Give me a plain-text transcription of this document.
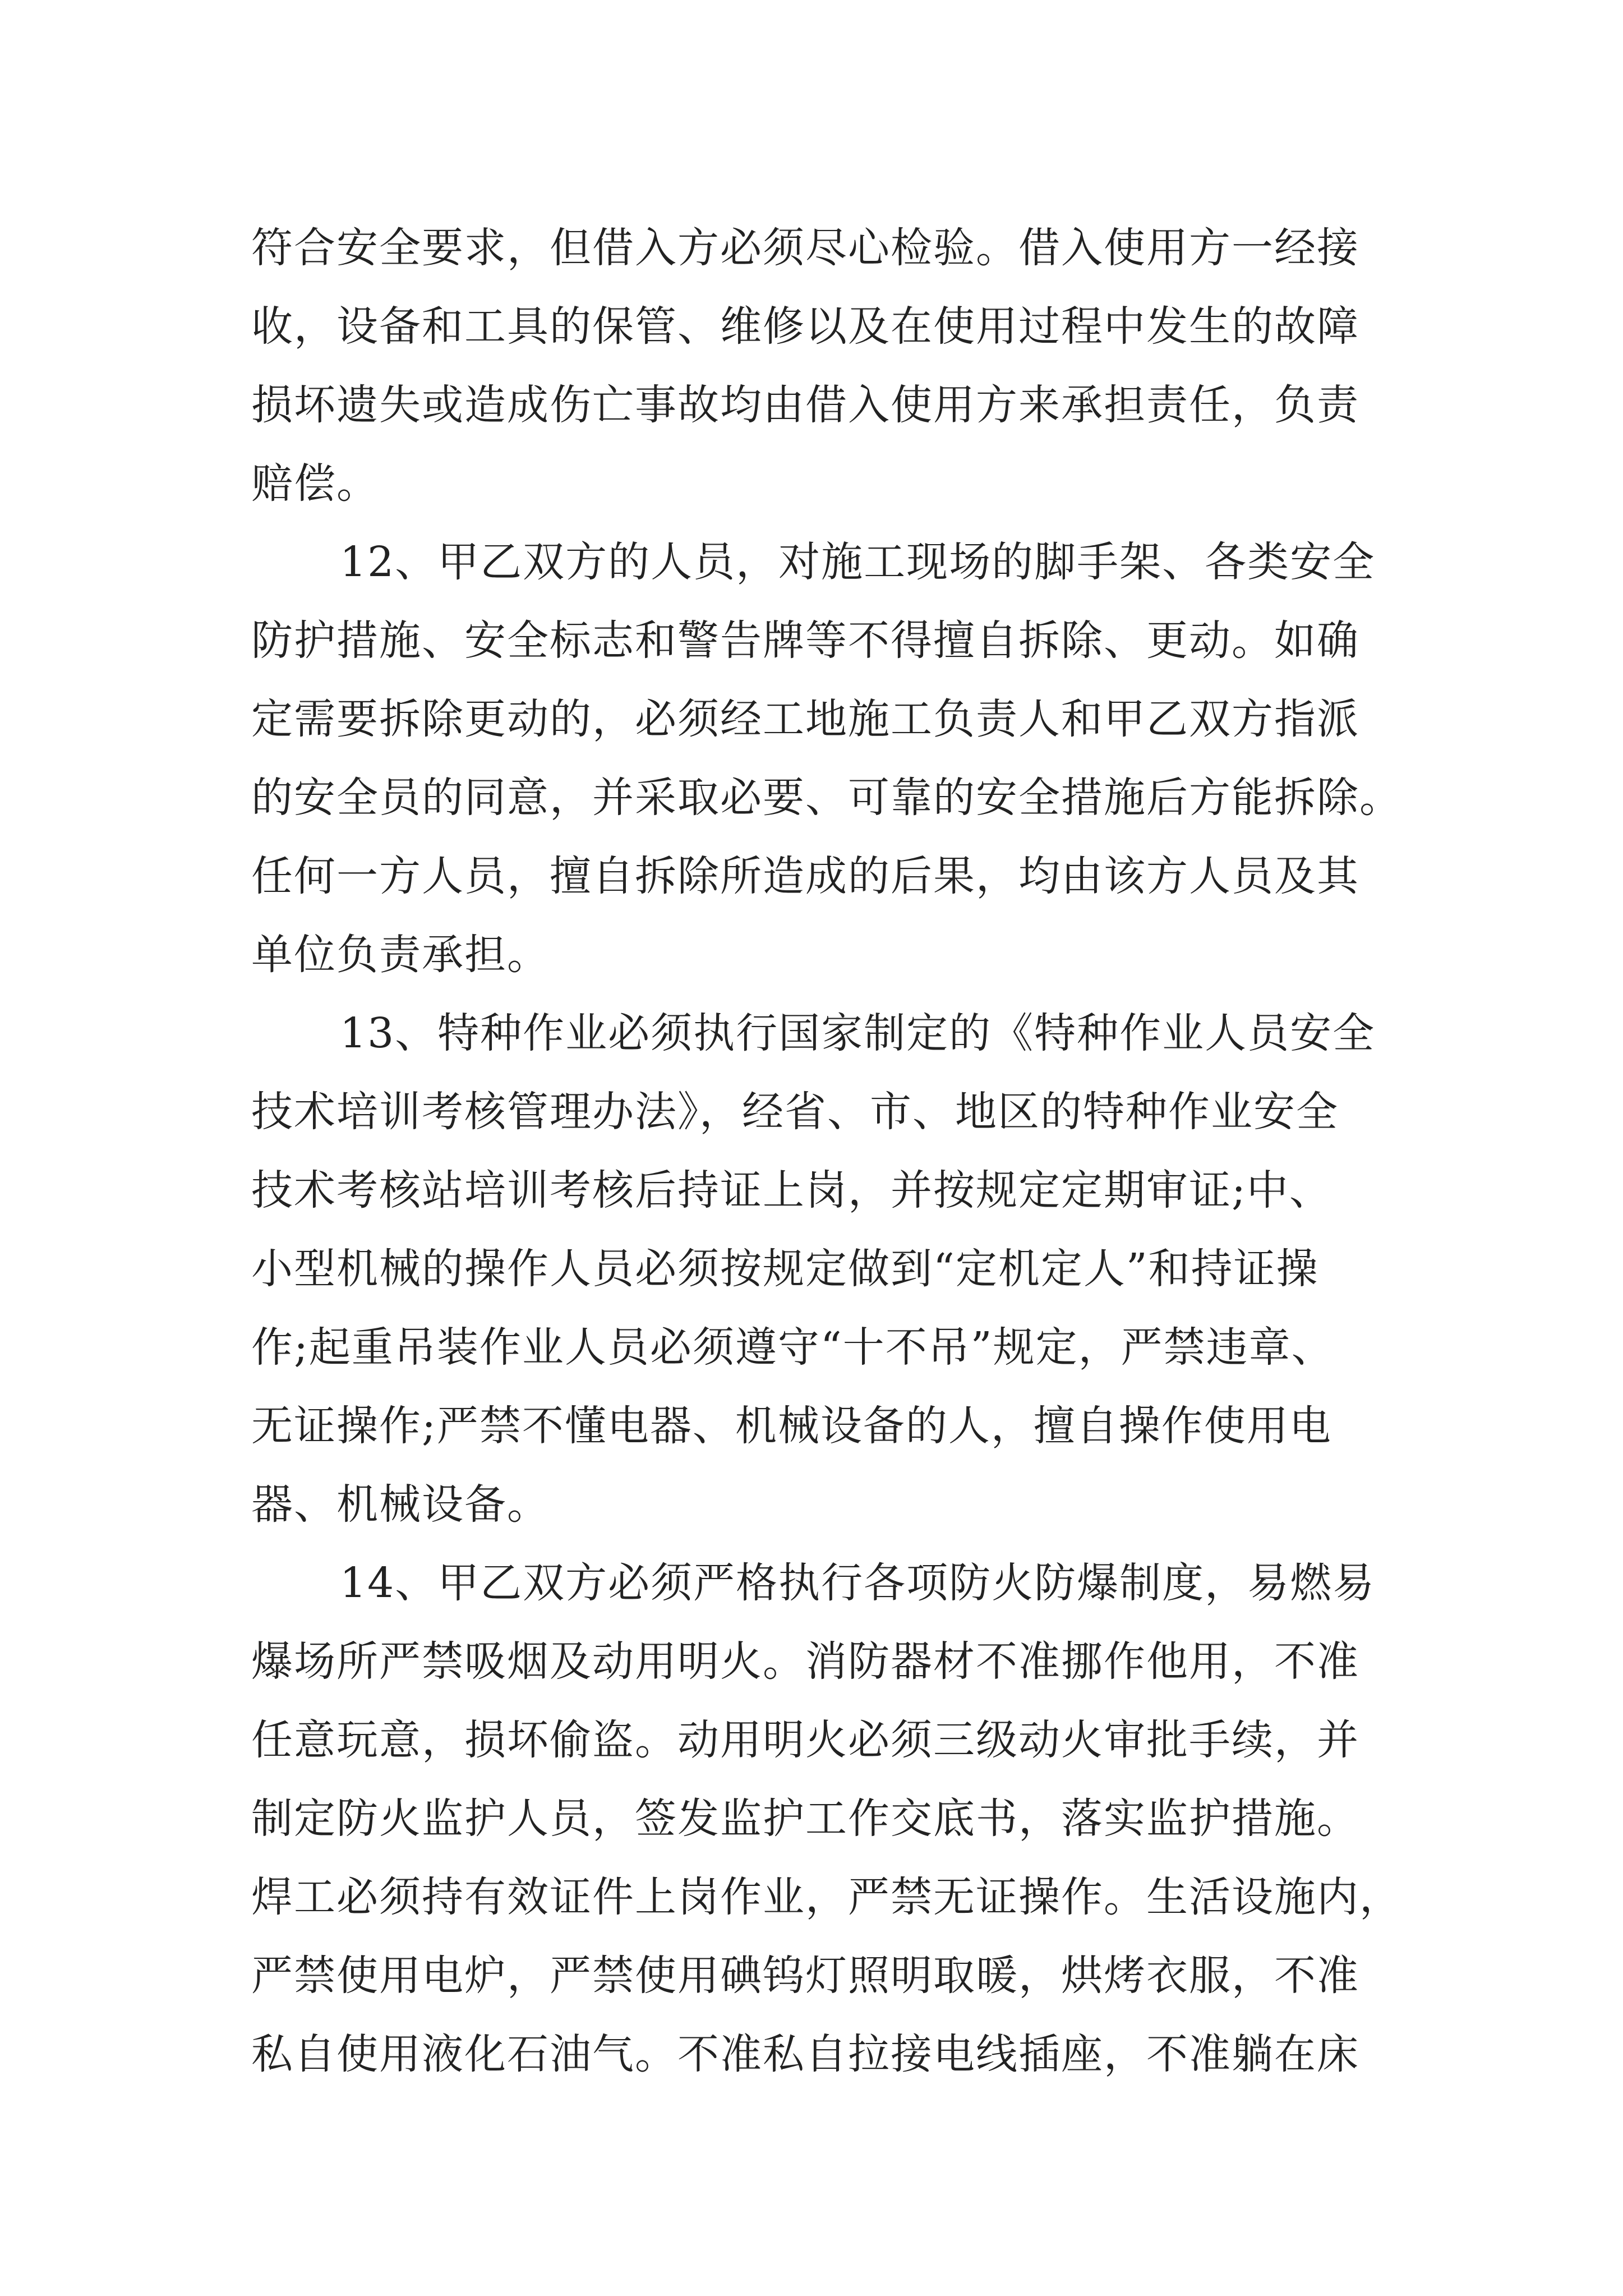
符合安全要求，但借入方必须尽心检验。借入使用方一经接
收，设备和工具的保管、维修以及在使用过程中发生的故障
损坏遗失或造成伤亡事故均由借入使用方来承担责任，负责
赔偿。
12、甲乙双方的人员，对施工现场的脚手架、各类安全
防护措施、安全标志和警告牌等不得擅自拆除、更动。如确
定需要拆除更动的，必须经工地施工负责人和甲乙双方指派
的安全员的同意，并采取必要、可靠的安全措施后方能拆除。
任何一方人员，擅自拆除所造成的后果，均由该方人员及其
单位负责承担。
13、特种作业必须执行国家制定的《特种作业人员安全
技术培训考核管理办法》，经省、市、地区的特种作业安全
技术考核站培训考核后持证上岗，并按规定定期审证;中、
小型机械的操作人员必须按规定做到“定机定人”和持证操
作;起重吊装作业人员必须遵守“十不吊”规定，严禁违章、
无证操作;严禁不懂电器、机械设备的人，擅自操作使用电
器、机械设备。
14、甲乙双方必须严格执行各项防火防爆制度，易燃易
爆场所严禁吸烟及动用明火。消防器材不准挪作他用，不准
任意玩意，损坏偷盗。动用明火必须三级动火审批手续，并
制定防火监护人员，签发监护工作交底书，落实监护措施。
焊工必须持有效证件上岗作业，严禁无证操作。生活设施内，
严禁使用电炉，严禁使用碘钨灯照明取暖，烘烤衣服，不准
私自使用液化石油气。不准私自拉接电线插座，不准躺在床
